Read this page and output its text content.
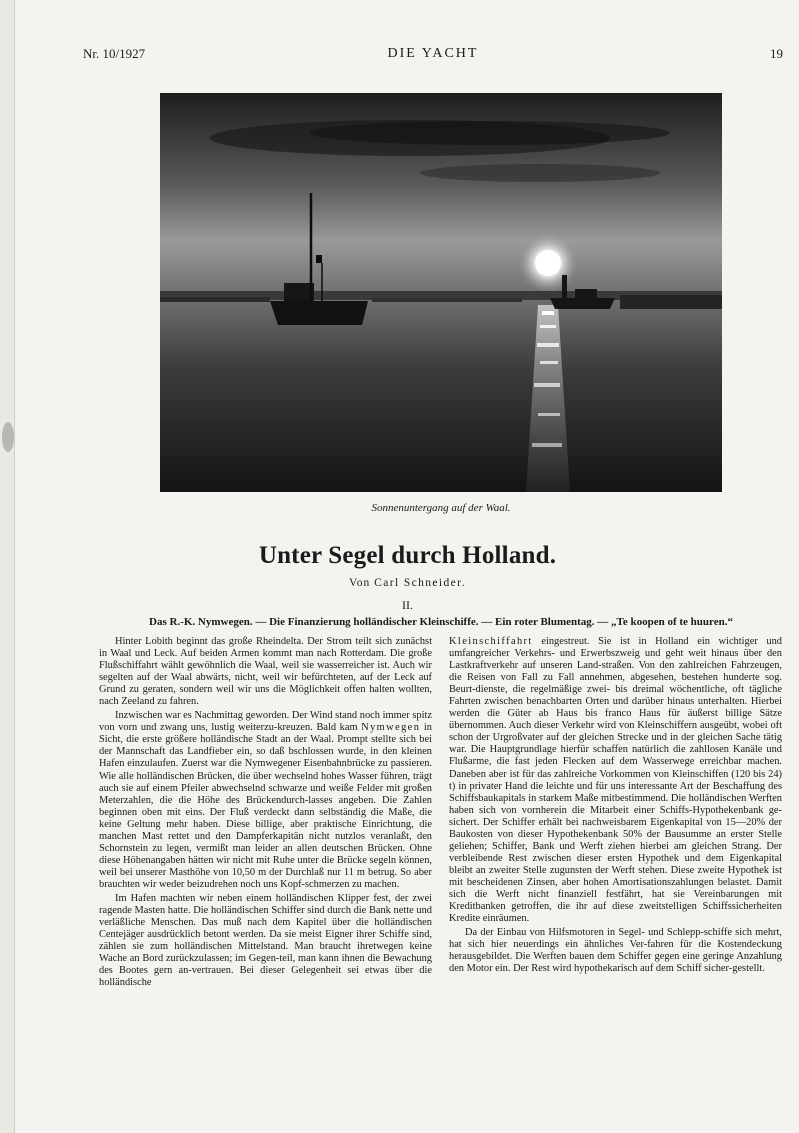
Nr. 10/1927	DIE YACHT	19
Sonnenuntergang auf der Waal.
Unter Segel durch Holland.
Von Carl Schneider.
II.
Das R.-K. Nymwegen. — Die Finanzierung holländischer Kleinschiffe. — Ein roter Blumentag. — „Te koopen of te huuren.“

Hinter Lobith beginnt das große Rheindelta. Der Strom teilt sich zunächst in Waal und Leck. Auf beiden Armen kommt man nach Rotterdam. Die große Flußschiffahrt wählt gewöhnlich die Waal, weil sie wasserreicher ist. Auch wir segelten auf der Waal abwärts, nicht, weil wir befürchteten, auf der Leck auf Grund zu geraten, sondern weil wir uns die Möglichkeit offen halten wollten, nach Zeeland zu fahren.

Inzwischen war es Nachmittag geworden. Der Wind stand noch immer spitz von vorn und zwang uns, lustig weiterzu-kreuzen. Bald kam Nymwegen in Sicht, die erste größere holländische Stadt an der Waal. Prompt stellte sich bei der Mannschaft das Landfieber ein, so daß bschlossen wurde, in den kleinen Hafen einzulaufen. Zuerst war die Nymwegener Eisenbahnbrücke zu passieren. Wie alle holländischen Brücken, die über wechselnd hohes Wasser führen, trägt auch sie auf einem Pfeiler abwechselnd schwarze und weiße Felder mit großen Meterzahlen, die die Höhe des Brückendurch-lasses angeben. Die Zahlen beginnen oben mit eins. Der Fluß verdeckt dann selbständig die Maße, die keine Geltung mehr haben. Diese billige, aber praktische Einrichtung, die manchen Mast rettet und den Dampferkapitän nicht nutzlos veranlaßt, den Schornstein zu legen, vermißt man leider an allen deutschen Brücken. Ohne diese Höhenangaben hätten wir nicht mit Ruhe unter die Brücke segeln können, weil bei unserer Masthöhe von 10,50 m der Durchlaß nur 11 m betrug. So aber brauchten wir weder beizudrehen noch uns Kopf-schmerzen zu machen.

Im Hafen machten wir neben einem holländischen Klipper fest, der zwei ragende Masten hatte. Die holländischen Schiffer sind durch die Bank nette und verläßliche Menschen. Das muß nach dem Kapitel über die holländischen Centejäger ausdrücklich betont werden. Da sie meist Eigner ihrer Schiffe sind, zählen sie zum holländischen Mittelstand. Man braucht ihretwegen keine Wache an Bord zurückzulassen; im Gegen-teil, man kann ihnen die Bewachung des Bootes gern an-vertrauen. Bei dieser Gelegenheit sei etwas über die holländische

Kleinschiffahrt eingestreut. Sie ist in Holland ein wichtiger und umfangreicher Verkehrs- und Erwerbszweig und geht weit hinaus über den Lastkraftverkehr auf unseren Land-straßen. Von den zahlreichen Fahrzeugen, die Reisen von Fall zu Fall annehmen, abgesehen, bestehen hunderte sog. Beurt-dienste, die regelmäßige zwei- bis dreimal wöchentliche, oft tägliche Fahrten zwischen benachbarten Orten und darüber hinaus unterhalten. Hierbei werden die Güter ab Haus bis franco Haus für äußerst billige Sätze übernommen. Auch dieser Verkehr wird von Kleinschiffern ausgeübt, wobei oft schon der Urgroßvater auf der gleichen Strecke und in der gleichen Sache tätig war. Die Hauptgrundlage hierfür schaffen natürlich die zahllosen Kanäle und Flußarme, die fast jeden Flecken auf dem Wasserwege erreichbar machen. Daneben aber ist für das zahlreiche Vorkommen von Kleinschiffen (120 bis 24) t) in privater Hand die leichte und für uns interessante Art der Beschaffung des Schiffsbaukapitals in starkem Maße mitbestimmend. Die holländischen Werften haben sich von vornherein die Mitarbeit einer Schiffs-Hypothekenbank ge-sichert. Der Schiffer erhält bei nachweisbarem Eigenkapital von 15—20% der Baukosten von dieser Hypothekenbank 50% der Bausumme an erster Stelle geliehen; Schiffer, Bank und Werft ziehen hierbei am gleichen Strang. Der verbleibende Rest zwischen dieser ersten Hypothek und dem Eigenkapital bleibt an zweiter Stelle zugunsten der Werft stehen. Diese zweite Hypothek ist mit bescheidenen Zinsen, aber hohen Amortisationszahlungen belastet. Damit sich die Werft nicht finanziell festfährt, hat sie Vereinbarungen mit Kreditbanken getroffen, die ihr auf diese zweitstelligen Schiffssicherheiten Kredite einräumen.

Da der Einbau von Hilfsmotoren in Segel- und Schlepp-schiffe sich mehrt, hat sich hier neuerdings ein ähnliches Ver-fahren für die Kostendeckung herausgebildet. Die Werften bauen dem Schiffer gegen eine geringe Anzahlung den Motor ein. Der Rest wird hypothekarisch auf dem Schiff sicher-gestellt.
